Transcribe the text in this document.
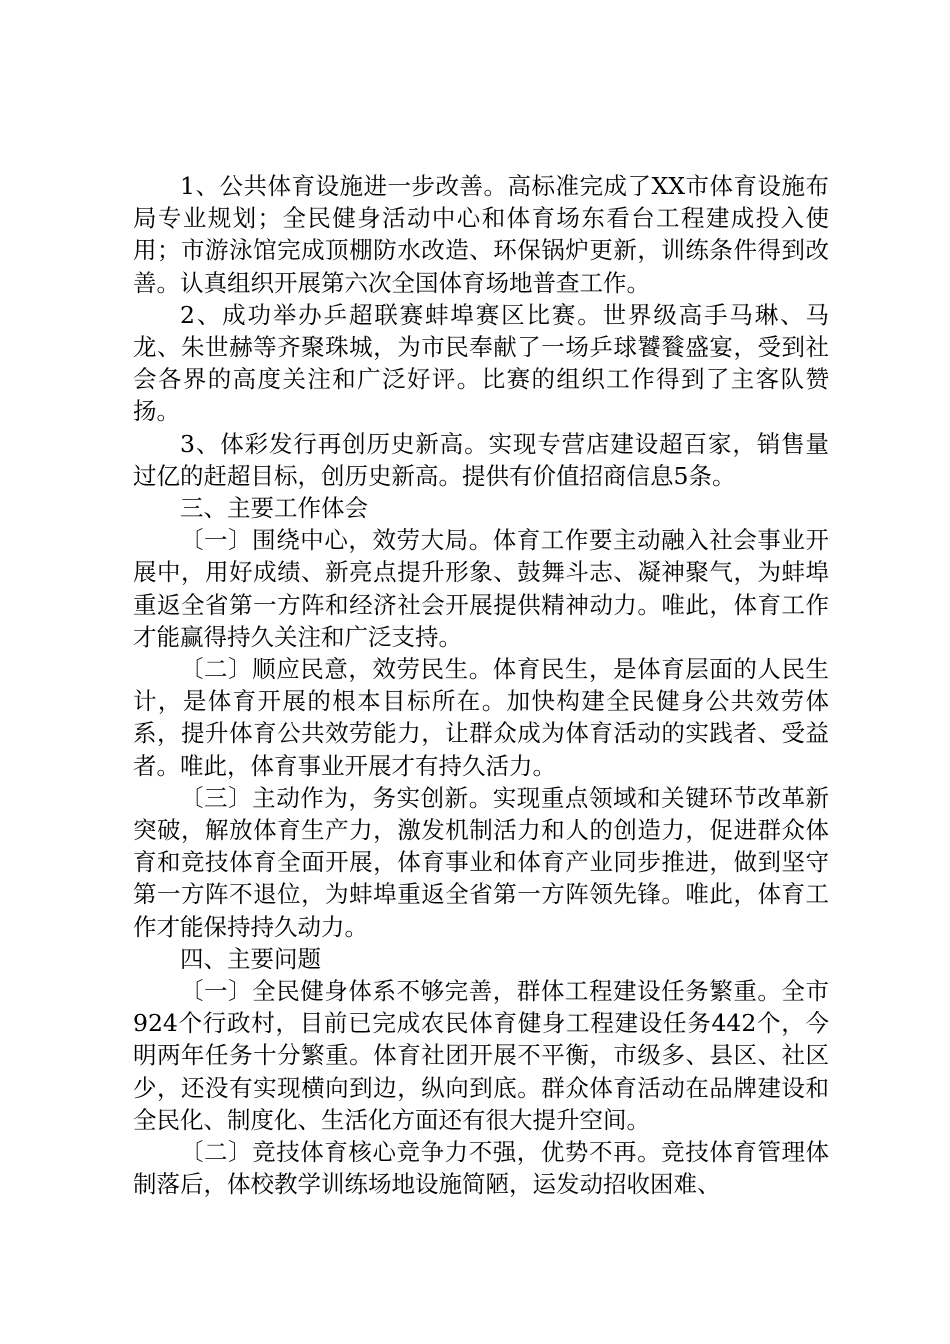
1、公共体育设施进一步改善。高标准完成了XX市体育设施布局专业规划；全民健身活动中心和体育场东看台工程建成投入使用；市游泳馆完成顶棚防水改造、环保锅炉更新，训练条件得到改善。认真组织开展第六次全国体育场地普查工作。

2、成功举办乒超联赛蚌埠赛区比赛。世界级高手马琳、马龙、朱世赫等齐聚珠城，为市民奉献了一场乒球饕餮盛宴，受到社会各界的高度关注和广泛好评。比赛的组织工作得到了主客队赞扬。

3、体彩发行再创历史新高。实现专营店建设超百家，销售量过亿的赶超目标，创历史新高。提供有价值招商信息5条。

三、主要工作体会

〔一〕围绕中心，效劳大局。体育工作要主动融入社会事业开展中，用好成绩、新亮点提升形象、鼓舞斗志、凝神聚气，为蚌埠重返全省第一方阵和经济社会开展提供精神动力。唯此，体育工作才能赢得持久关注和广泛支持。

〔二〕顺应民意，效劳民生。体育民生，是体育层面的人民生计，是体育开展的根本目标所在。加快构建全民健身公共效劳体系，提升体育公共效劳能力，让群众成为体育活动的实践者、受益者。唯此，体育事业开展才有持久活力。

〔三〕主动作为，务实创新。实现重点领域和关键环节改革新突破，解放体育生产力，激发机制活力和人的创造力，促进群众体育和竞技体育全面开展，体育事业和体育产业同步推进，做到坚守第一方阵不退位，为蚌埠重返全省第一方阵领先锋。唯此，体育工作才能保持持久动力。

四、主要问题

〔一〕全民健身体系不够完善，群体工程建设任务繁重。全市924个行政村，目前已完成农民体育健身工程建设任务442个，今明两年任务十分繁重。体育社团开展不平衡，市级多、县区、社区少，还没有实现横向到边，纵向到底。群众体育活动在品牌建设和全民化、制度化、生活化方面还有很大提升空间。

〔二〕竞技体育核心竞争力不强，优势不再。竞技体育管理体制落后，体校教学训练场地设施简陋，运发动招收困难、
